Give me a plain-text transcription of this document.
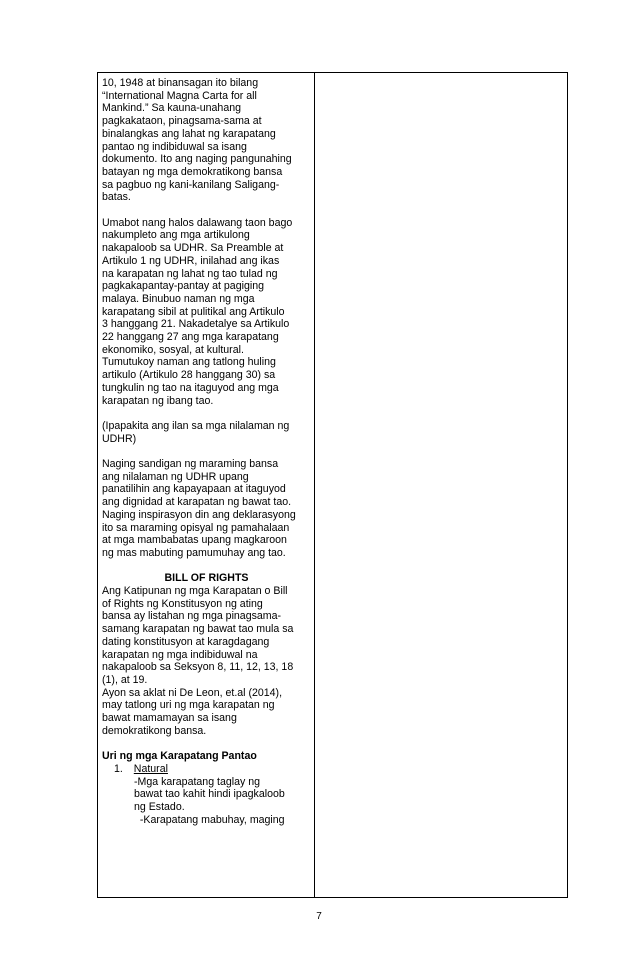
10, 1948 at binansagan ito bilang

“International Magna Carta for all

Mankind.” Sa kauna-unahang

pagkakataon, pinagsama-sama at

binalangkas ang lahat ng karapatang

pantao ng indibiduwal sa isang

dokumento. Ito ang naging pangunahing

batayan ng mga demokratikong bansa

sa pagbuo ng kani-kanilang Saligang-

batas.

Umabot nang halos dalawang taon bago

nakumpleto ang mga artikulong

nakapaloob sa UDHR. Sa Preamble at

Artikulo 1 ng UDHR, inilahad ang ikas

na karapatan ng lahat ng tao tulad ng

pagkakapantay-pantay at pagiging

malaya. Binubuo naman ng mga

karapatang sibil at pulitikal ang Artikulo

3 hanggang 21. Nakadetalye sa Artikulo

22 hanggang 27 ang mga karapatang

ekonomiko, sosyal, at kultural.

Tumutukoy naman ang tatlong huling

artikulo (Artikulo 28 hanggang 30) sa

tungkulin ng tao na itaguyod ang mga

karapatan ng ibang tao.

(Ipapakita ang ilan sa mga nilalaman ng

UDHR)

Naging sandigan ng maraming bansa

ang nilalaman ng UDHR upang

panatilihin ang kapayapaan at itaguyod

ang dignidad at karapatan ng bawat tao.

Naging inspirasyon din ang deklarasyong

ito sa maraming opisyal ng pamahalaan

at mga mambabatas upang magkaroon

ng mas mabuting pamumuhay ang tao.

BILL OF RIGHTS

Ang Katipunan ng mga Karapatan o Bill

of Rights ng Konstitusyon ng ating

bansa ay listahan ng mga pinagsama-

samang karapatan ng bawat tao mula sa

dating konstitusyon at karagdagang

karapatan ng mga indibiduwal na

nakapaloob sa Seksyon 8, 11, 12, 13, 18

(1), at 19.

Ayon sa aklat ni De Leon, et.al (2014),

may tatlong uri ng mga karapatan ng

bawat mamamayan sa isang

demokratikong bansa.

Uri ng mga Karapatang Pantao

1. Natural

-Mga karapatang taglay ng

bawat tao kahit hindi ipagkaloob

ng Estado.

-Karapatang mabuhay, maging

7
